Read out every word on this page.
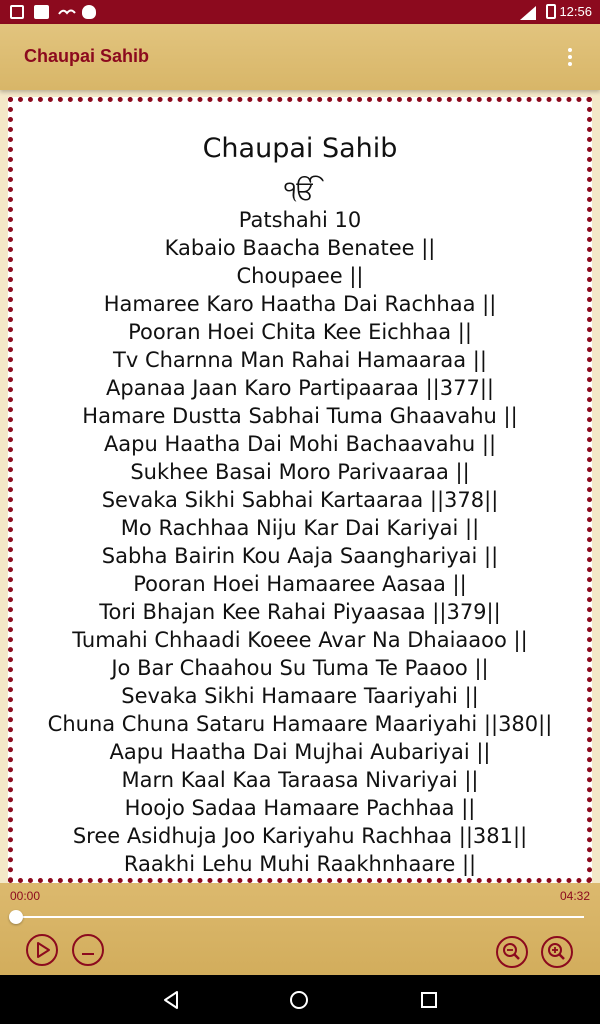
12:56
Chaupai Sahib
Chaupai Sahib
ੴ
Patshahi 10
Kabaio Baacha Benatee ||
Choupaee ||
Hamaree Karo Haatha Dai Rachhaa ||
Pooran Hoei Chita Kee Eichhaa ||
Tv Charnna Man Rahai Hamaaraa ||
Apanaa Jaan Karo Partipaaraa ||377||
Hamare Dustta Sabhai Tuma Ghaavahu ||
Aapu Haatha Dai Mohi Bachaavahu ||
Sukhee Basai Moro Parivaaraa ||
Sevaka Sikhi Sabhai Kartaaraa ||378||
Mo Rachhaa Niju Kar Dai Kariyai ||
Sabha Bairin Kou Aaja Saanghariyai ||
Pooran Hoei Hamaaree Aasaa ||
Tori Bhajan Kee Rahai Piyaasaa ||379||
Tumahi Chhaadi Koeee Avar Na Dhaiaaoo ||
Jo Bar Chaahou Su Tuma Te Paaoo ||
Sevaka Sikhi Hamaare Taariyahi ||
Chuna Chuna Sataru Hamaare Maariyahi ||380||
Aapu Haatha Dai Mujhai Aubariyai ||
Marn Kaal Kaa Taraasa Nivariyai ||
Hoojo Sadaa Hamaare Pachhaa ||
Sree Asidhuja Joo Kariyahu Rachhaa ||381||
Raakhi Lehu Muhi Raakhnhaare ||
00:00	04:32
